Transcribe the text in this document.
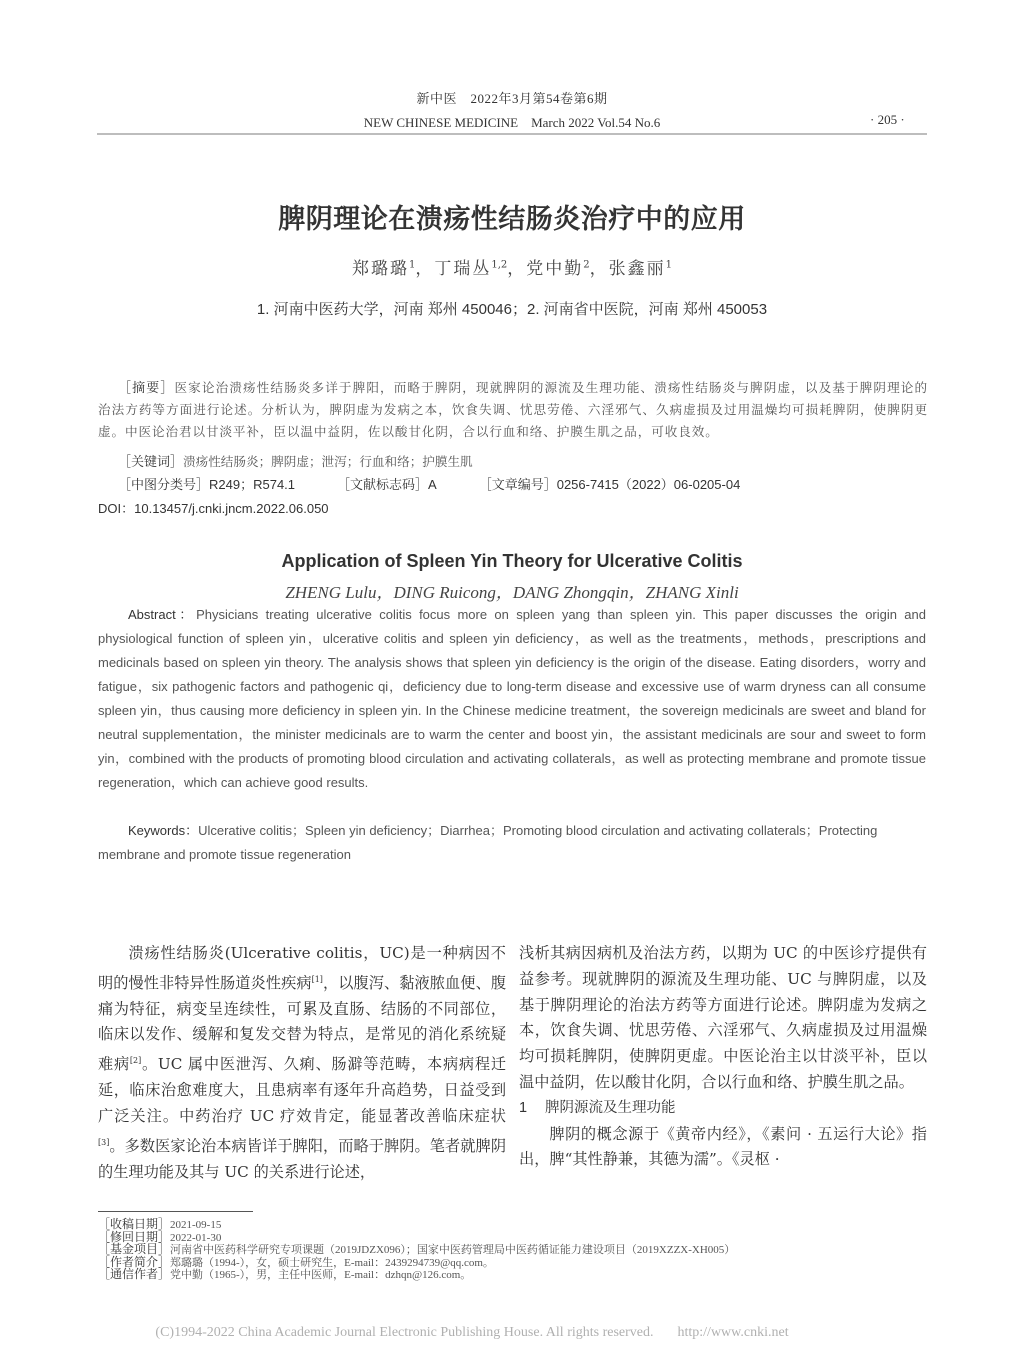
新中医　2022年3月第54卷第6期
NEW CHINESE MEDICINE　March 2022 Vol.54 No.6	· 205 ·
脾阴理论在溃疡性结肠炎治疗中的应用
郑璐璐$^1$，丁瑞丛$^{1,2}$，党中勤$^2$，张鑫丽$^1$
1. 河南中医药大学，河南 郑州 450046；2. 河南省中医院，河南 郑州 450053
［摘要］医家论治溃疡性结肠炎多详于脾阳，而略于脾阴，现就脾阴的源流及生理功能、溃疡性结肠炎与脾阴虚，以及基于脾阴理论的治法方药等方面进行论述。分析认为，脾阴虚为发病之本，饮食失调、忧思劳倦、六淫邪气、久病虚损及过用温燥均可损耗脾阴，使脾阴更虚。中医论治君以甘淡平补，臣以温中益阴，佐以酸甘化阴，合以行血和络、护膜生肌之品，可收良效。
［关键词］溃疡性结肠炎；脾阴虚；泄泻；行血和络；护膜生肌
［中图分类号］R249；R574.1	［文献标志码］A	［文章编号］0256-7415（2022）06-0205-04
DOI：10.13457/j.cnki.jncm.2022.06.050
Application of Spleen Yin Theory for Ulcerative Colitis
ZHENG Lulu，DING Ruicong，DANG Zhongqin，ZHANG Xinli
Abstract：Physicians treating ulcerative colitis focus more on spleen yang than spleen yin. This paper discusses the origin and physiological function of spleen yin，ulcerative colitis and spleen yin deficiency，as well as the treatments，methods，prescriptions and medicinals based on spleen yin theory. The analysis shows that spleen yin deficiency is the origin of the disease. Eating disorders，worry and fatigue，six pathogenic factors and pathogenic qi，deficiency due to long-term disease and excessive use of warm dryness can all consume spleen yin，thus causing more deficiency in spleen yin. In the Chinese medicine treatment，the sovereign medicinals are sweet and bland for neutral supplementation，the minister medicinals are to warm the center and boost yin，the assistant medicinals are sour and sweet to form yin，combined with the products of promoting blood circulation and activating collaterals，as well as protecting membrane and promote tissue regeneration，which can achieve good results.
Keywords：Ulcerative colitis；Spleen yin deficiency；Diarrhea；Promoting blood circulation and activating collaterals；Protecting membrane and promote tissue regeneration

溃疡性结肠炎(Ulcerative colitis，UC)是一种病因不明的慢性非特异性肠道炎性疾病[1]，以腹泻、黏液脓血便、腹痛为特征，病变呈连续性，可累及直肠、结肠的不同部位，临床以发作、缓解和复发交替为特点，是常见的消化系统疑难病[2]。UC 属中医泄泻、久痢、肠澼等范畴，本病病程迁延，临床治愈难度大，且患病率有逐年升高趋势，日益受到广泛关注。中药治疗 UC 疗效肯定，能显著改善临床症状[3]。多数医家论治本病皆详于脾阳，而略于脾阴。笔者就脾阴的生理功能及其与 UC 的关系进行论述，

浅析其病因病机及治法方药，以期为 UC 的中医诊疗提供有益参考。现就脾阴的源流及生理功能、UC 与脾阴虚，以及基于脾阴理论的治法方药等方面进行论述。脾阴虚为发病之本，饮食失调、忧思劳倦、六淫邪气、久病虚损及过用温燥均可损耗脾阴，使脾阴更虚。中医论治主以甘淡平补，臣以温中益阴，佐以酸甘化阴，合以行血和络、护膜生肌之品。

1 脾阴源流及生理功能

脾阴的概念源于《黄帝内经》，《素问 · 五运行大论》指出，脾“其性静兼，其德为濡”。《灵枢 ·

［收稿日期］2021-09-15
［修回日期］2022-01-30
［基金项目］河南省中医药科学研究专项课题（2019JDZX096）；国家中医药管理局中医药循证能力建设项目（2019XZZX-XH005）
［作者简介］郑璐璐（1994-），女，硕士研究生，E-mail：2439294739@qq.com。
［通信作者］党中勤（1965-），男，主任中医师，E-mail：dzhqn@126.com。
(C)1994-2022 China Academic Journal Electronic Publishing House. All rights reserved. http://www.cnki.net
